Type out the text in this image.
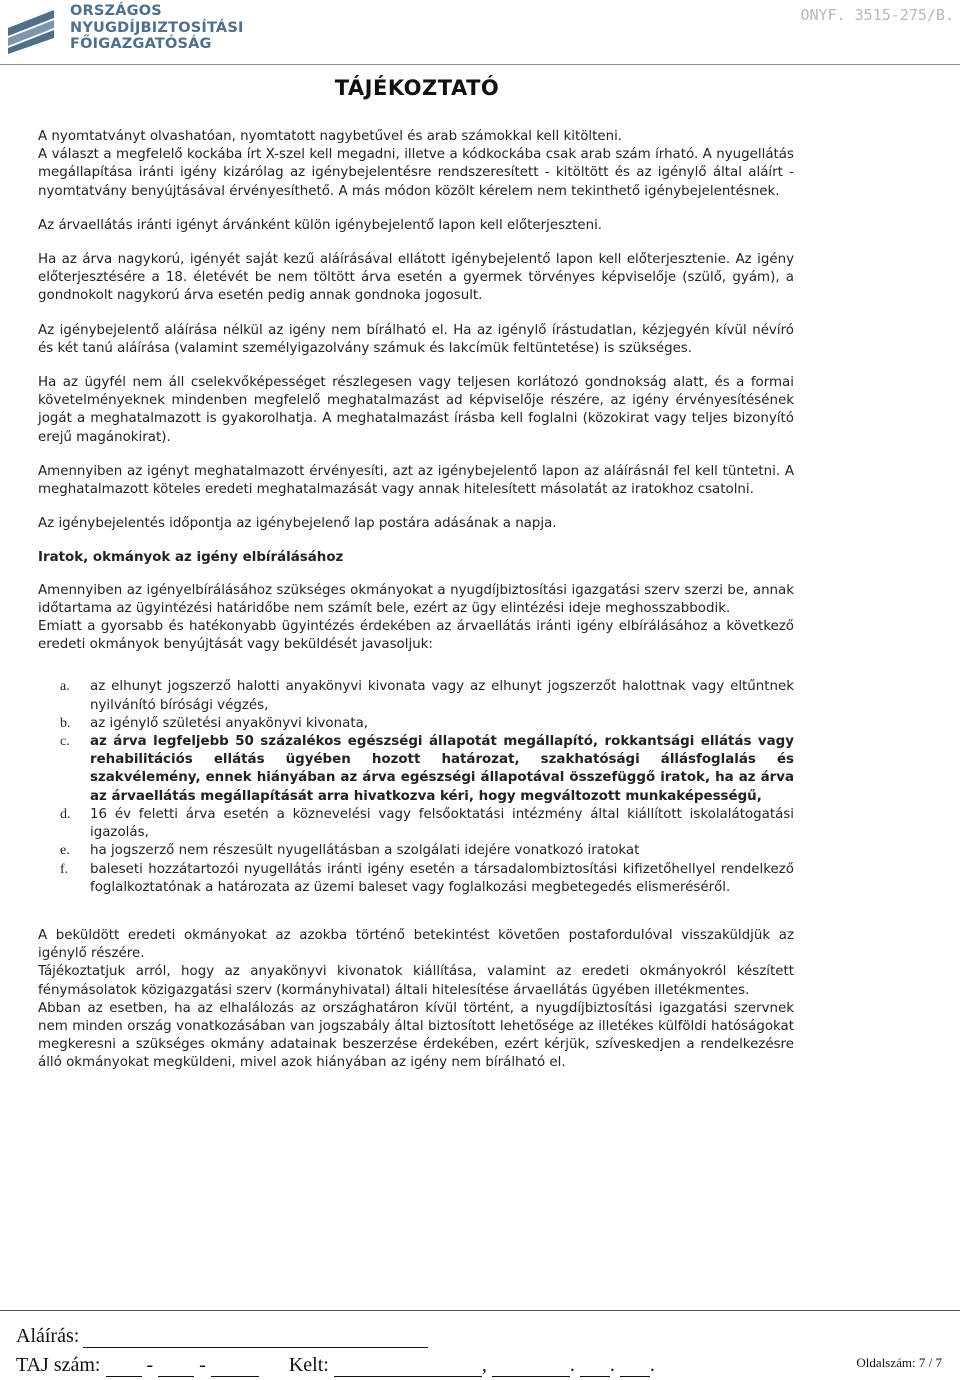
ORSZÁGOS
NYUGDÍJBIZTOSÍTÁSI
FŐIGAZGATÓSÁG
ONYF. 3515-275/B.
TÁJÉKOZTATÓ

A nyomtatványt olvashatóan, nyomtatott nagybetűvel és arab számokkal kell kitölteni.

A választ a megfelelő kockába írt X-szel kell megadni, illetve a kódkockába csak arab szám írható. A nyugellátás megállapítása iránti igény kizárólag az igénybejelentésre rendszeresített - kitöltött és az igénylő által aláírt - nyomtatvány benyújtásával érvényesíthető. A más módon közölt kérelem nem tekinthető igénybejelentésnek.

Az árvaellátás iránti igényt árvánként külön igénybejelentő lapon kell előterjeszteni.

Ha az árva nagykorú, igényét saját kezű aláírásával ellátott igénybejelentő lapon kell előterjesztenie. Az igény előterjesztésére a 18. életévét be nem töltött árva esetén a gyermek törvényes képviselője (szülő, gyám), a gondnokolt nagykorú árva esetén pedig annak gondnoka jogosult.

Az igénybejelentő aláírása nélkül az igény nem bírálható el. Ha az igénylő írástudatlan, kézjegyén kívül névíró és két tanú aláírása (valamint személyigazolvány számuk és lakcímük feltüntetése) is szükséges.

Ha az ügyfél nem áll cselekvőképességet részlegesen vagy teljesen korlátozó gondnokság alatt, és a formai követelményeknek mindenben megfelelő meghatalmazást ad képviselője részére, az igény érvényesítésének jogát a meghatalmazott is gyakorolhatja. A meghatalmazást írásba kell foglalni (közokirat vagy teljes bizonyító erejű magánokirat).

Amennyiben az igényt meghatalmazott érvényesíti, azt az igénybejelentő lapon az aláírásnál fel kell tüntetni. A meghatalmazott köteles eredeti meghatalmazását vagy annak hitelesített másolatát az iratokhoz csatolni.

Az igénybejelentés időpontja az igénybejelenő lap postára adásának a napja.

Iratok, okmányok az igény elbírálásához

Amennyiben az igényelbírálásához szükséges okmányokat a nyugdíjbiztosítási igazgatási szerv szerzi be, annak időtartama az ügyintézési határidőbe nem számít bele, ezért az ügy elintézési ideje meghosszabbodik.

Emiatt a gyorsabb és hatékonyabb ügyintézés érdekében az árvaellátás iránti igény elbírálásához a következő eredeti okmányok benyújtását vagy beküldését javasoljuk:

a. az elhunyt jogszerző halotti anyakönyvi kivonata vagy az elhunyt jogszerzőt halottnak vagy eltűntnek nyilvánító bírósági végzés,
b. az igénylő születési anyakönyvi kivonata,
c. az árva legfeljebb 50 százalékos egészségi állapotát megállapító, rokkantsági ellátás vagy rehabilitációs ellátás ügyében hozott határozat, szakhatósági állásfoglalás és szakvélemény, ennek hiányában az árva egészségi állapotával összefüggő iratok, ha az árva az árvaellátás megállapítását arra hivatkozva kéri, hogy megváltozott munkaképességű,
d. 16 év feletti árva esetén a köznevelési vagy felsőoktatási intézmény által kiállított iskolalátogatási igazolás,
e. ha jogszerző nem részesült nyugellátásban a szolgálati idejére vonatkozó iratokat
f. baleseti hozzátartozói nyugellátás iránti igény esetén a társadalombiztosítási kifizetőhellyel rendelkező foglalkoztatónak a határozata az üzemi baleset vagy foglalkozási megbetegedés elismeréséről.

A beküldött eredeti okmányokat az azokba történő betekintést követően postafordulóval visszaküldjük az igénylő részére.

Tájékoztatjuk arról, hogy az anyakönyvi kivonatok kiállítása, valamint az eredeti okmányokról készített fénymásolatok közigazgatási szerv (kormányhivatal) általi hitelesítése árvaellátás ügyében illetékmentes.

Abban az esetben, ha az elhalálozás az országhatáron kívül történt, a nyugdíjbiztosítási igazgatási szervnek nem minden ország vonatkozásában van jogszabály által biztosított lehetősége az illetékes külföldi hatóságokat megkeresni a szükséges okmány adatainak beszerzése érdekében, ezért kérjük, szíveskedjen a rendelkezésre álló okmányokat megküldeni, mivel azok hiányában az igény nem bírálható el.

Aláírás:
TAJ szám: - -	Kelt:	,	. . .	Oldalszám: 7 / 7
